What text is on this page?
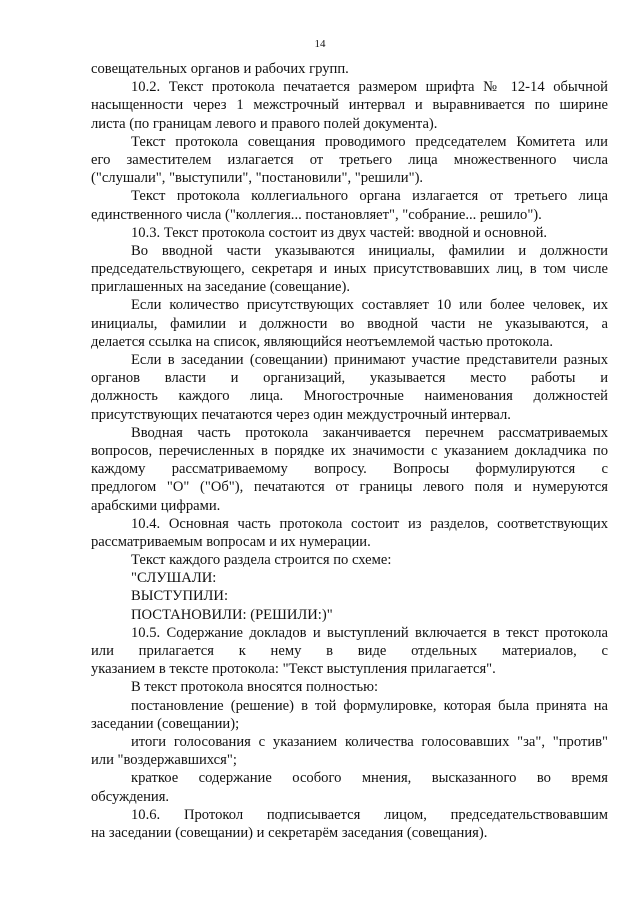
14
совещательных органов и рабочих групп.
10.2. Текст протокола печатается размером шрифта № 12-14 обычной
насыщенности через 1 межстрочный интервал и выравнивается по ширине
листа (по границам левого и правого полей документа).
Текст протокола совещания проводимого председателем Комитета или
его заместителем излагается от третьего лица множественного числа
("слушали", "выступили", "постановили", "решили").
Текст протокола коллегиального органа излагается от третьего лица
единственного числа ("коллегия... постановляет", "собрание... решило").
10.3. Текст протокола состоит из двух частей: вводной и основной.
Во вводной части указываются инициалы, фамилии и должности
председательствующего, секретаря и иных присутствовавших лиц, в том числе
приглашенных на заседание (совещание).
Если количество присутствующих составляет 10 или более человек, их
инициалы, фамилии и должности во вводной части не указываются, а
делается ссылка на список, являющийся неотъемлемой частью протокола.
Если в заседании (совещании) принимают участие представители разных
органов власти и организаций, указывается место работы и
должность каждого лица. Многострочные наименования должностей
присутствующих печатаются через один междустрочный интервал.
Вводная часть протокола заканчивается перечнем рассматриваемых
вопросов, перечисленных в порядке их значимости с указанием докладчика по
каждому рассматриваемому вопросу. Вопросы формулируются с
предлогом "О" ("Об"), печатаются от границы левого поля и нумеруются
арабскими цифрами.
10.4. Основная часть протокола состоит из разделов, соответствующих
рассматриваемым вопросам и их нумерации.
Текст каждого раздела строится по схеме:
"СЛУШАЛИ:
ВЫСТУПИЛИ:
ПОСТАНОВИЛИ: (РЕШИЛИ:)"
10.5. Содержание докладов и выступлений включается в текст протокола
или прилагается к нему в виде отдельных материалов, с
указанием в тексте протокола: "Текст выступления прилагается".
В текст протокола вносятся полностью:
постановление (решение) в той формулировке, которая была принята на
заседании (совещании);
итоги голосования с указанием количества голосовавших "за", "против"
или "воздержавшихся";
краткое содержание особого мнения, высказанного во время
обсуждения.
10.6. Протокол подписывается лицом, председательствовавшим
на заседании (совещании) и секретарём заседания (совещания).
